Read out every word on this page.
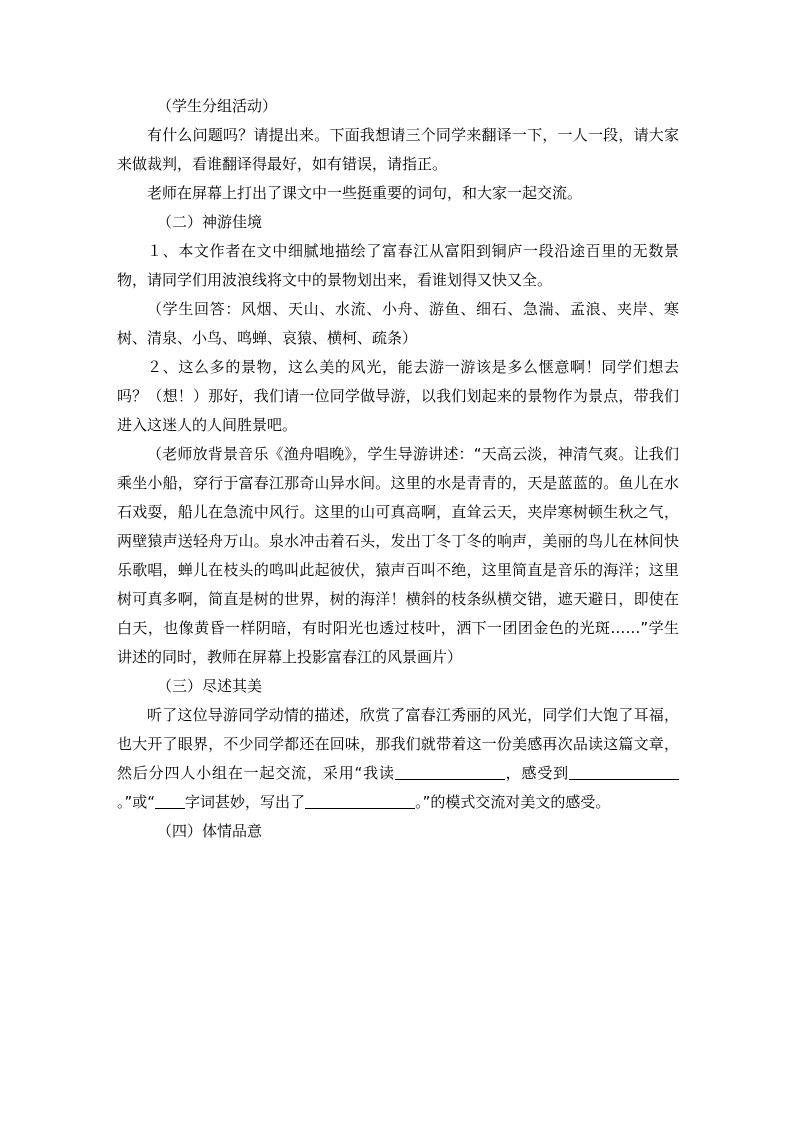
（学生分组活动）

有什么问题吗？请提出来。下面我想请三个同学来翻译一下，一人一段，请大家来做裁判，看谁翻译得最好，如有错误，请指正。

老师在屏幕上打出了课文中一些挺重要的词句，和大家一起交流。

（二）神游佳境

１、本文作者在文中细腻地描绘了富春江从富阳到铜庐一段沿途百里的无数景物，请同学们用波浪线将文中的景物划出来，看谁划得又快又全。

（学生回答：风烟、天山、水流、小舟、游鱼、细石、急湍、孟浪、夹岸、寒树、清泉、小鸟、鸣蝉、哀猿、横柯、疏条）

２、这么多的景物，这么美的风光，能去游一游该是多么惬意啊！同学们想去吗？（想！）那好，我们请一位同学做导游，以我们划起来的景物作为景点，带我们进入这迷人的人间胜景吧。

（老师放背景音乐《渔舟唱晚》，学生导游讲述：“天高云淡，神清气爽。让我们乘坐小船，穿行于富春江那奇山异水间。这里的水是青青的，天是蓝蓝的。鱼儿在水石戏耍，船儿在急流中风行。这里的山可真高啊，直耸云天，夹岸寒树顿生秋之气，两壁猿声送轻舟万山。泉水冲击着石头，发出丁冬丁冬的响声，美丽的鸟儿在林间快乐歌唱，蝉儿在枝头的鸣叫此起彼伏，猿声百叫不绝，这里简直是音乐的海洋；这里树可真多啊，简直是树的世界，树的海洋！横斜的枝条纵横交错，遮天避日，即使在白天，也像黄昏一样阴暗，有时阳光也透过枝叶，洒下一团团金色的光斑……”学生讲述的同时，教师在屏幕上投影富春江的风景画片）

（三）尽述其美

听了这位导游同学动情的描述，欣赏了富春江秀丽的风光，同学们大饱了耳福，也大开了眼界，不少同学都还在回味，那我们就带着这一份美感再次品读这篇文章，然后分四人小组在一起交流，采用“我读	，感受到。”或“ 字词甚妙，写出了	。”的模式交流对美文的感受。

（四）体情品意
